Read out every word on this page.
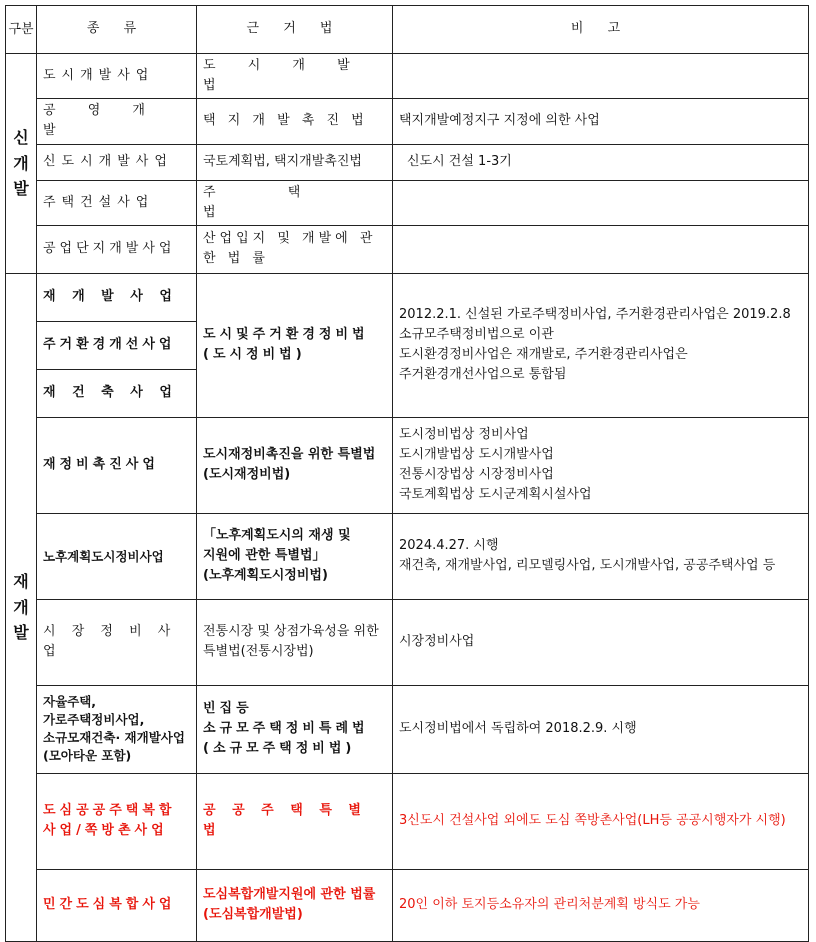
구분	종 류	근 거 법	비 고
신개발	도시개발사업	도 시 개 발 법	
	공 영 개 발	택 지 개 발 촉 진 법	택지개발예정지구 지정에 의한 사업
	신도시개발사업	국토계획법, 택지개발촉진법	신도시 건설 1-3기
	주택건설사업	주 택 법	
	공업단지개발사업	산업입지 및 개발에 관 한 법 률	
재개발	재 개 발 사 업	도시및주거환경정비법 (도시정비법)	2012.2.1. 신설된 가로주택정비사업, 주거환경관리사업은 2019.2.8 소규모주택정비법으로 이관
도시환경정비사업은 재개발로, 주거환경관리사업은 주거환경개선사업으로 통합됨

	주거환경개선사업		
	재 건 축 사 업		
	재정비촉진사업	도시재정비촉진을 위한 특별법(도시재정비법)	도시정비법상 정비사업
도시개발법상 도시개발사업
전통시장법상 시장정비사업
국토계획법상 도시군계획시설사업

	노후계획도시정비사업	「노후계획도시의 재생 및 지원에 관한 특별법」(노후계획도시정비법)	2024.4.27. 시행
재건축, 재개발사업, 리모델링사업, 도시개발사업, 공공주택사업 등

	시 장 정 비 사 업	전통시장 및 상점가육성을 위한 특별법(전통시장법)	시장정비사업
	자율주택, 가로주택정비사업, 소규모재건축· 재개발사업(모아타운 포함)	빈집등 소규모주택정비특례법(소규모주택정비법)	도시정비법에서 독립하여 2018.2.9. 시행
	도심공공주택복합사업/쪽방촌사업	공 공 주 택 특 별 법	3신도시 건설사업 외에도 도심 쪽방촌사업(LH등 공공시행자가 시행)
	민간도심복합사업	도심복합개발지원에 관한 법률(도심복합개발법)	20인 이하 토지등소유자의 관리처분계획 방식도 가능
